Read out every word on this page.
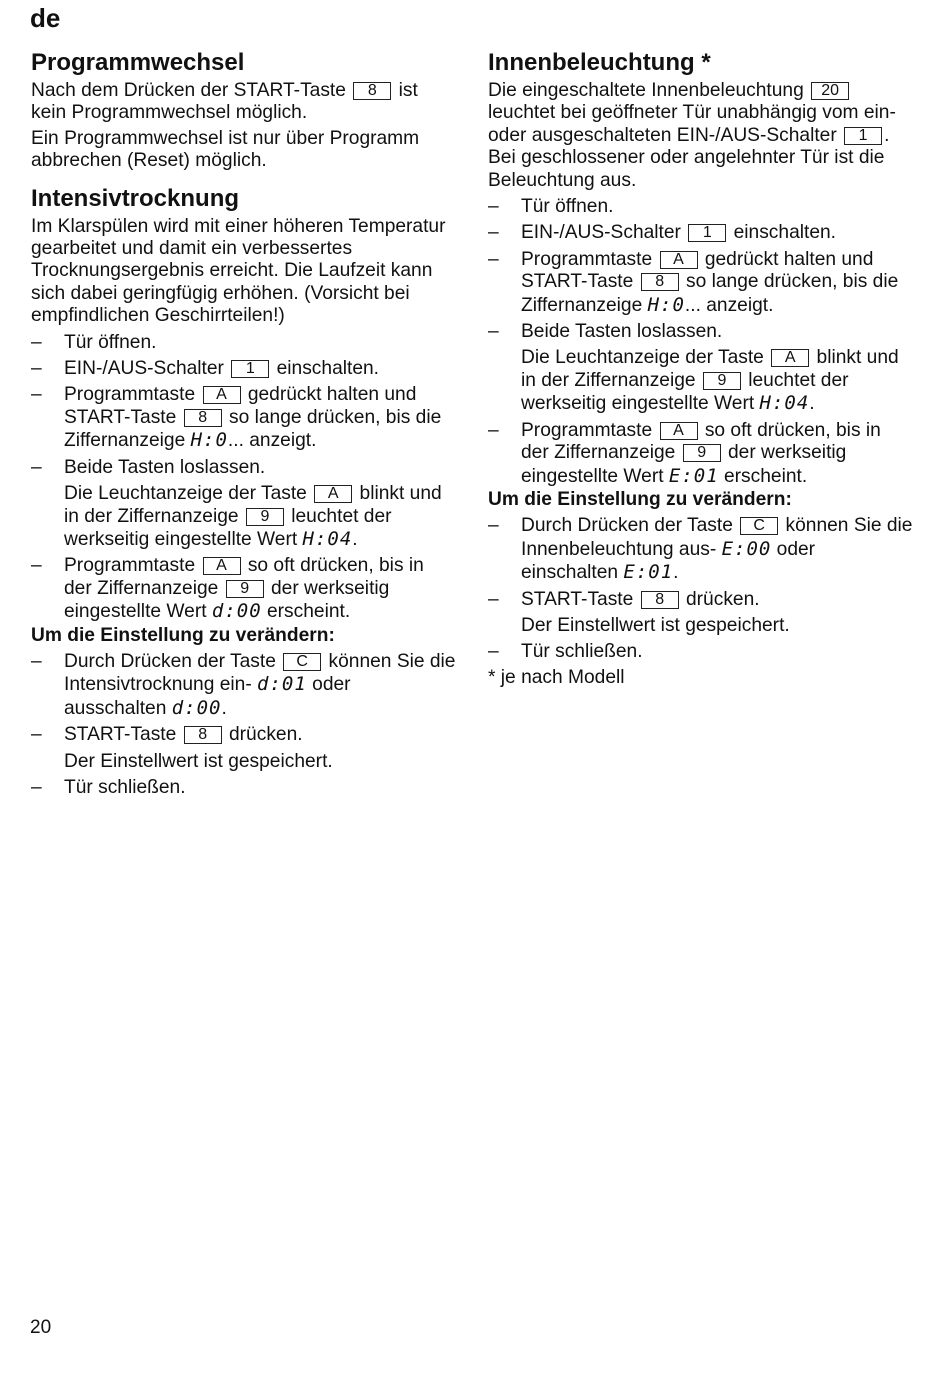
de
Programmwechsel

Nach dem Drücken der START-Taste 8 ist kein Programmwechsel möglich.

Ein Programmwechsel ist nur über Programm abbrechen (Reset) möglich.

Intensivtrocknung

Im Klarspülen wird mit einer höheren Temperatur gearbeitet und damit ein verbessertes Trocknungsergebnis erreicht. Die Laufzeit kann sich dabei geringfügig erhöhen. (Vorsicht bei empfindlichen Geschirrteilen!)

– Tür öffnen.
– EIN-/AUS-Schalter 1 einschalten.
– Programmtaste A gedrückt halten und START-Taste 8 so lange drücken, bis die Ziffernanzeige H:0... anzeigt.
– Beide Tasten loslassen.

Die Leuchtanzeige der Taste A blinkt und in der Ziffernanzeige 9 leuchtet der werkseitig eingestellte Wert H:04.

– Programmtaste A so oft drücken, bis in der Ziffernanzeige 9 der werkseitig eingestellte Wert d:00 erscheint.

Um die Einstellung zu verändern:

– Durch Drücken der Taste C können Sie die Intensivtrocknung ein- d:01 oder ausschalten d:00.
– START-Taste 8 drücken.

Der Einstellwert ist gespeichert.

– Tür schließen.
Innenbeleuchtung *

Die eingeschaltete Innenbeleuchtung 20 leuchtet bei geöffneter Tür unabhängig vom ein- oder ausgeschalteten EIN-/AUS-Schalter 1 . Bei geschlossener oder angelehnter Tür ist die Beleuchtung aus.

– Tür öffnen.
– EIN-/AUS-Schalter 1 einschalten.
– Programmtaste A gedrückt halten und START-Taste 8 so lange drücken, bis die Ziffernanzeige H:0... anzeigt.
– Beide Tasten loslassen.

Die Leuchtanzeige der Taste A blinkt und in der Ziffernanzeige 9 leuchtet der werkseitig eingestellte Wert H:04.

– Programmtaste A so oft drücken, bis in der Ziffernanzeige 9 der werkseitig eingestellte Wert E:01 erscheint.

Um die Einstellung zu verändern:

– Durch Drücken der Taste C können Sie die Innenbeleuchtung aus- E:00 oder einschalten E:01.
– START-Taste 8 drücken.

Der Einstellwert ist gespeichert.

– Tür schließen.

* je nach Modell

20
